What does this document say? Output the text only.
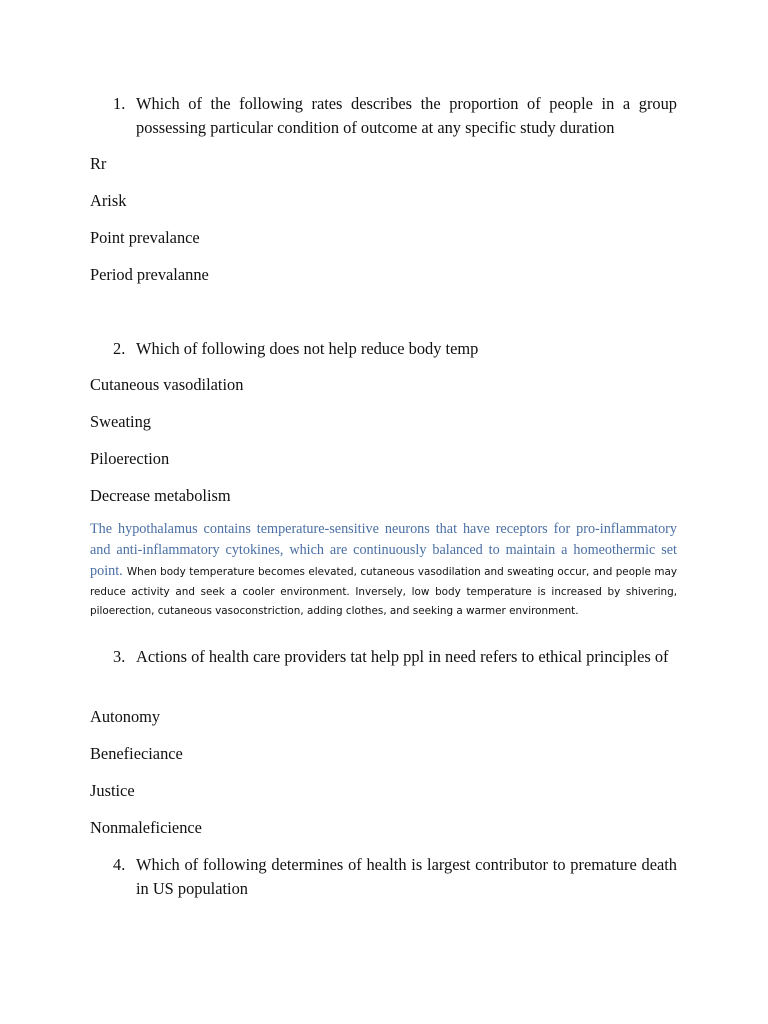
1. Which of the following rates describes the proportion of people in a group possessing particular condition of outcome at any specific study duration
Rr
Arisk
Point prevalance
Period prevalanne
2. Which of following does not help reduce body temp
Cutaneous vasodilation
Sweating
Piloerection
Decrease metabolism
The hypothalamus contains temperature-sensitive neurons that have receptors for pro-inflammatory and anti-inflammatory cytokines, which are continuously balanced to maintain a homeothermic set point. When body temperature becomes elevated, cutaneous vasodilation and sweating occur, and people may reduce activity and seek a cooler environment. Inversely, low body temperature is increased by shivering, piloerection, cutaneous vasoconstriction, adding clothes, and seeking a warmer environment.
3. Actions of health care providers tat help ppl in need refers to ethical principles of
Autonomy
Benefieciance
Justice
Nonmaleficience
4. Which of following determines of health is largest contributor to premature death in US population
